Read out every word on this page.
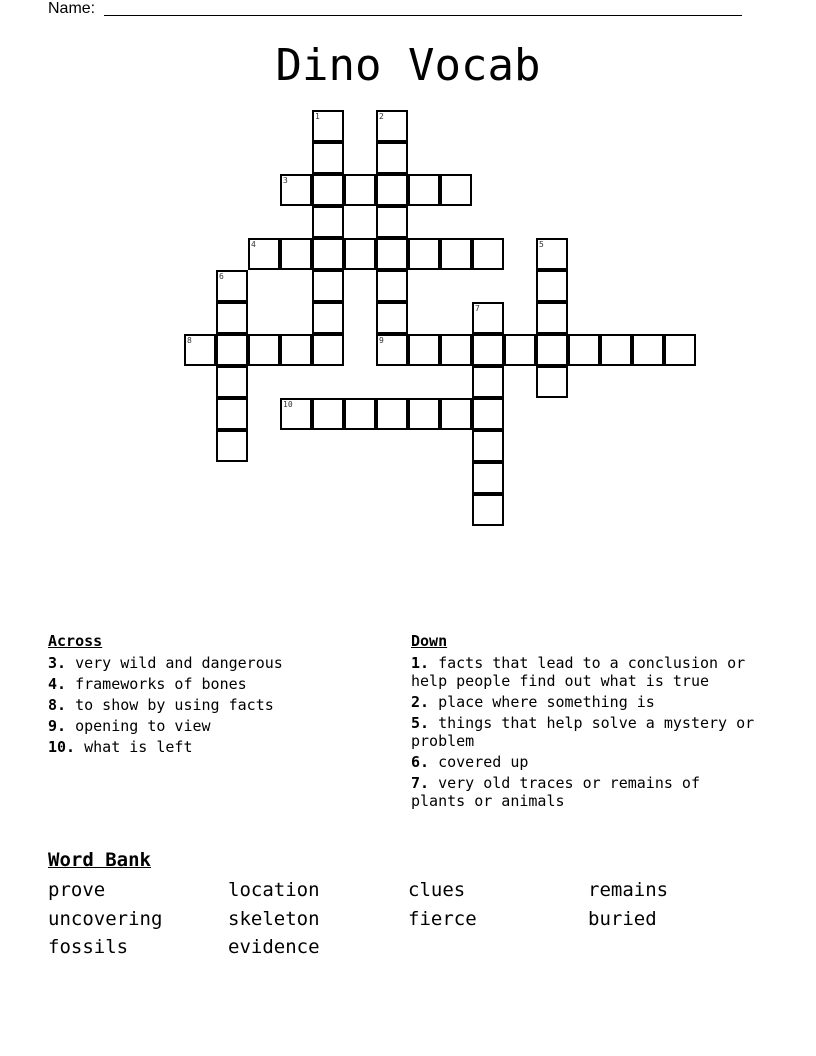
Name:
Dino Vocab
1	2
3
4	5
6
7
8	9
10
Across
3. very wild and dangerous
4. frameworks of bones
8. to show by using facts
9. opening to view
10. what is left
Down
1. facts that lead to a conclusion or help people find out what is true
2. place where something is
5. things that help solve a mystery or problem
6. covered up
7. very old traces or remains of plants or animals
Word Bank
prove	location	clues	remains
uncovering	skeleton	fierce	buried
fossils	evidence
